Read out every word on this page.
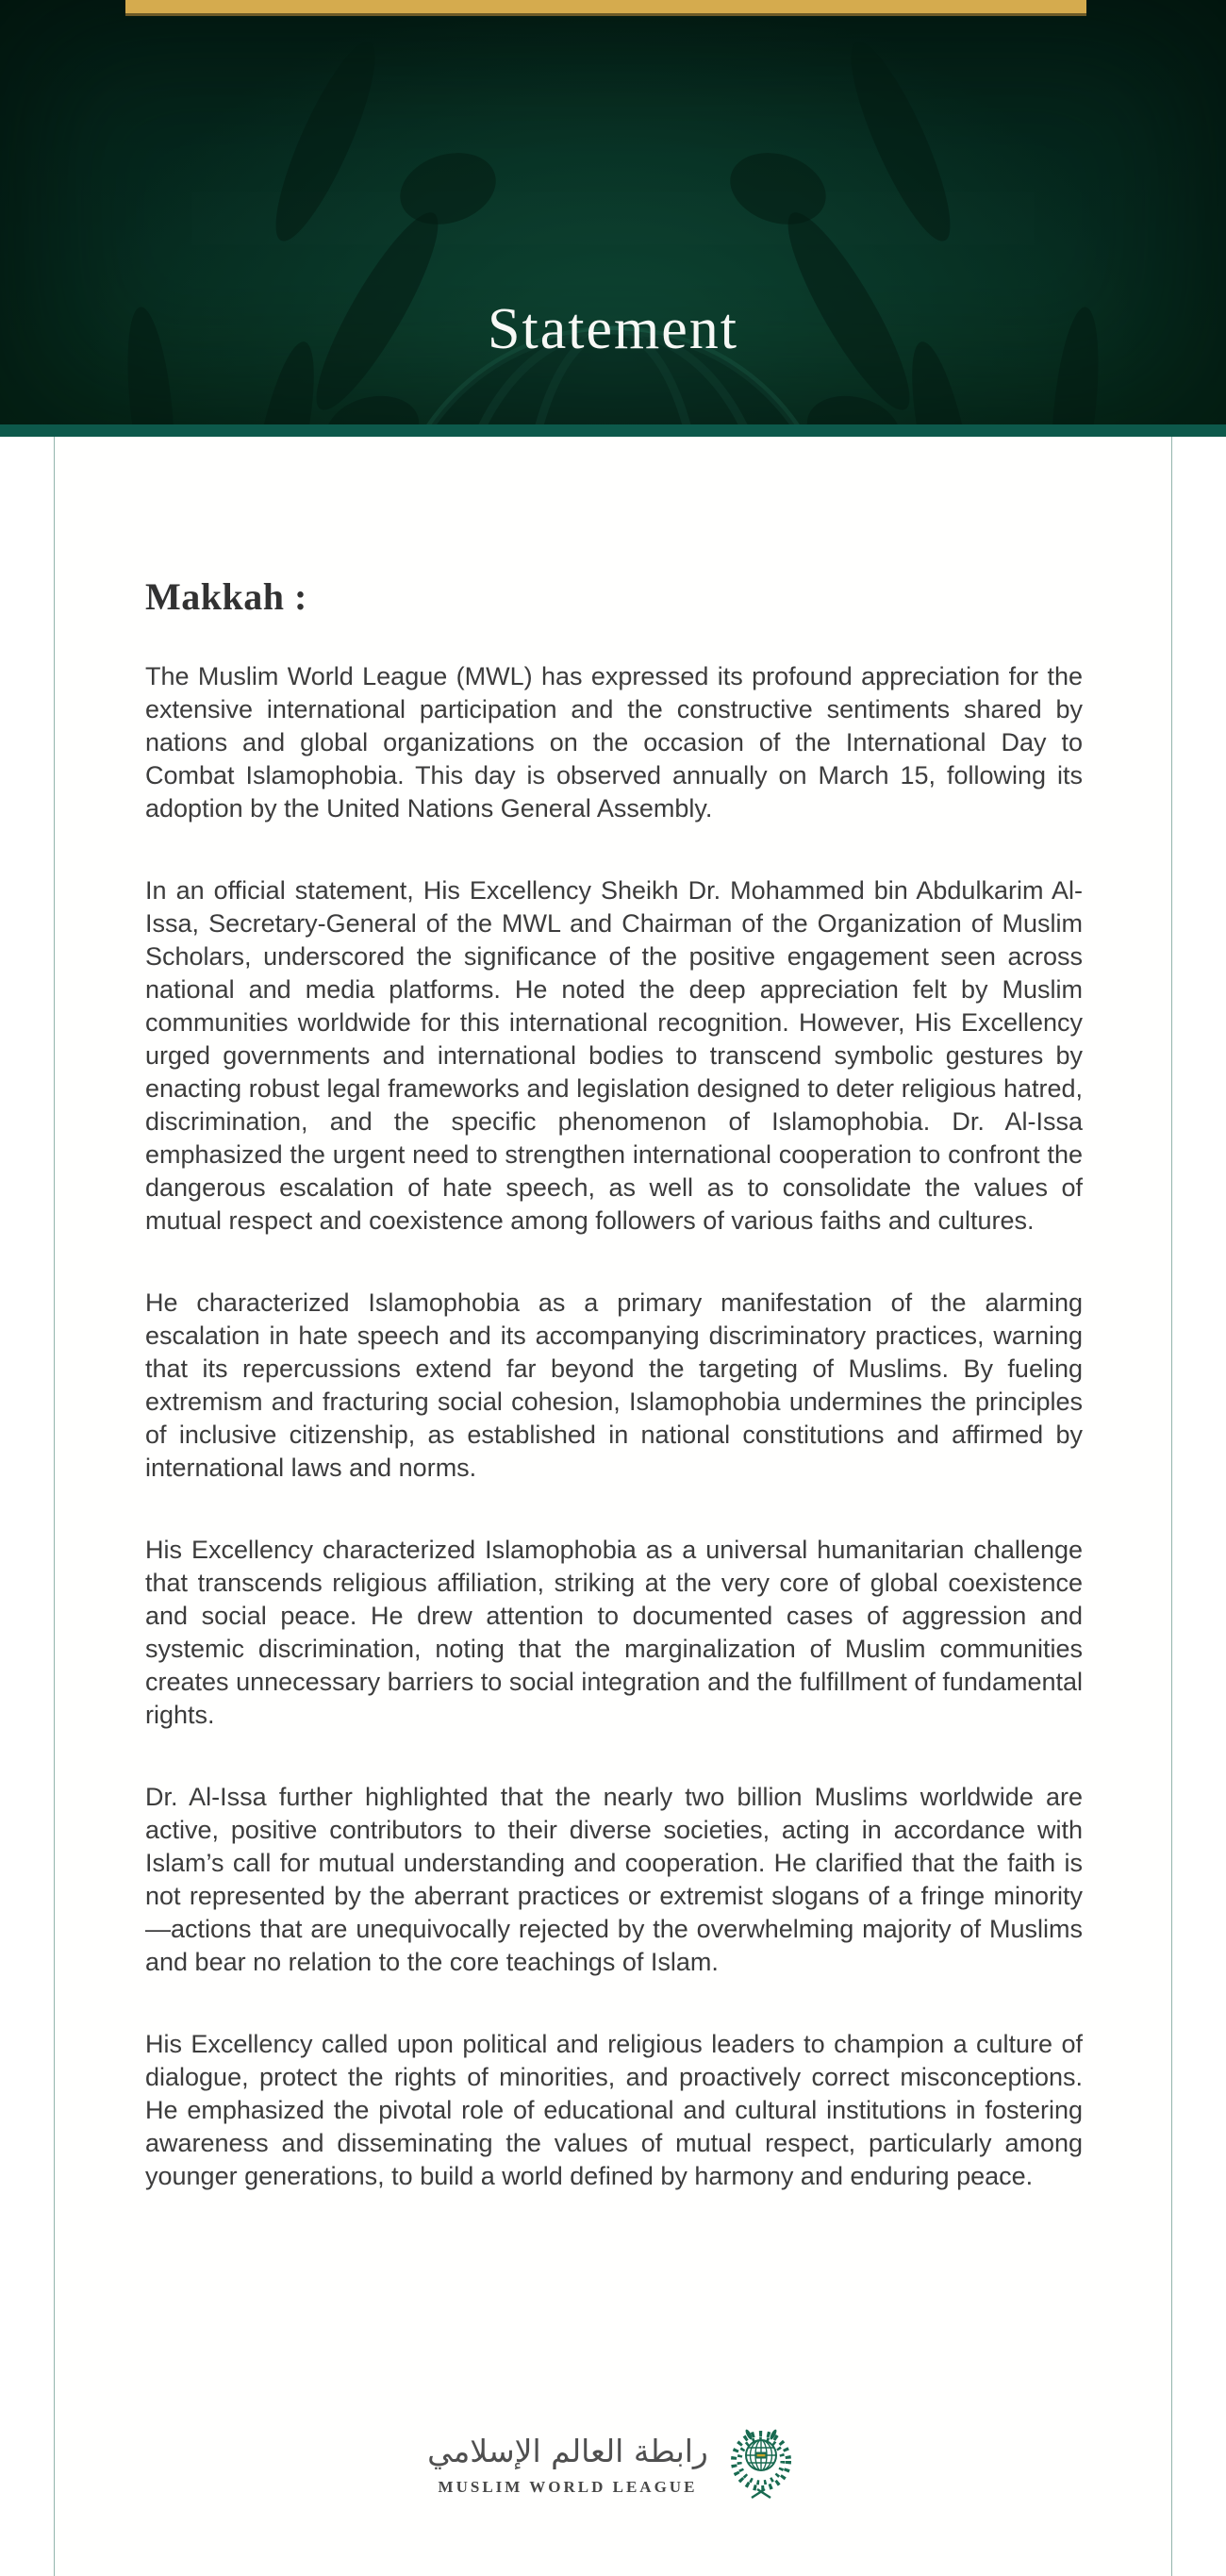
Statement
Makkah :

The Muslim World League (MWL) has expressed its profound appreciation for the extensive international participation and the constructive sentiments shared by nations and global organizations on the occasion of the International Day to Combat Islamophobia. This day is observed annually on March 15, following its adoption by the United Nations General Assembly.

In an official statement, His Excellency Sheikh Dr. Mohammed bin Abdulkarim Al-Issa, Secretary-General of the MWL and Chairman of the Organization of Muslim Scholars, underscored the significance of the positive engagement seen across national and media platforms. He noted the deep appreciation felt by Muslim communities worldwide for this international recognition. However, His Excellency urged governments and international bodies to transcend symbolic gestures by enacting robust legal frameworks and legislation designed to deter religious hatred, discrimination, and the specific phenomenon of Islamophobia. Dr. Al-Issa emphasized the urgent need to strengthen international cooperation to confront the dangerous escalation of hate speech, as well as to consolidate the values of mutual respect and coexistence among followers of various faiths and cultures.

He characterized Islamophobia as a primary manifestation of the alarming escalation in hate speech and its accompanying discriminatory practices, warning that its repercussions extend far beyond the targeting of Muslims. By fueling extremism and fracturing social cohesion, Islamophobia undermines the principles of inclusive citizenship, as established in national constitutions and affirmed by international laws and norms.

His Excellency characterized Islamophobia as a universal humanitarian challenge that transcends religious affiliation, striking at the very core of global coexistence and social peace. He drew attention to documented cases of aggression and systemic discrimination, noting that the marginalization of Muslim communities creates unnecessary barriers to social integration and the fulfillment of fundamental rights.

Dr. Al-Issa further highlighted that the nearly two billion Muslims worldwide are active, positive contributors to their diverse societies, acting in accordance with Islam’s call for mutual understanding and cooperation. He clarified that the faith is not represented by the aberrant practices or extremist slogans of a fringe minority—actions that are unequivocally rejected by the overwhelming majority of Muslims and bear no relation to the core teachings of Islam.

His Excellency called upon political and religious leaders to champion a culture of dialogue, protect the rights of minorities, and proactively correct misconceptions. He emphasized the pivotal role of educational and cultural institutions in fostering awareness and disseminating the values of mutual respect, particularly among younger generations, to build a world defined by harmony and enduring peace.

رابطة العالم الإسلامي
MUSLIM WORLD LEAGUE
